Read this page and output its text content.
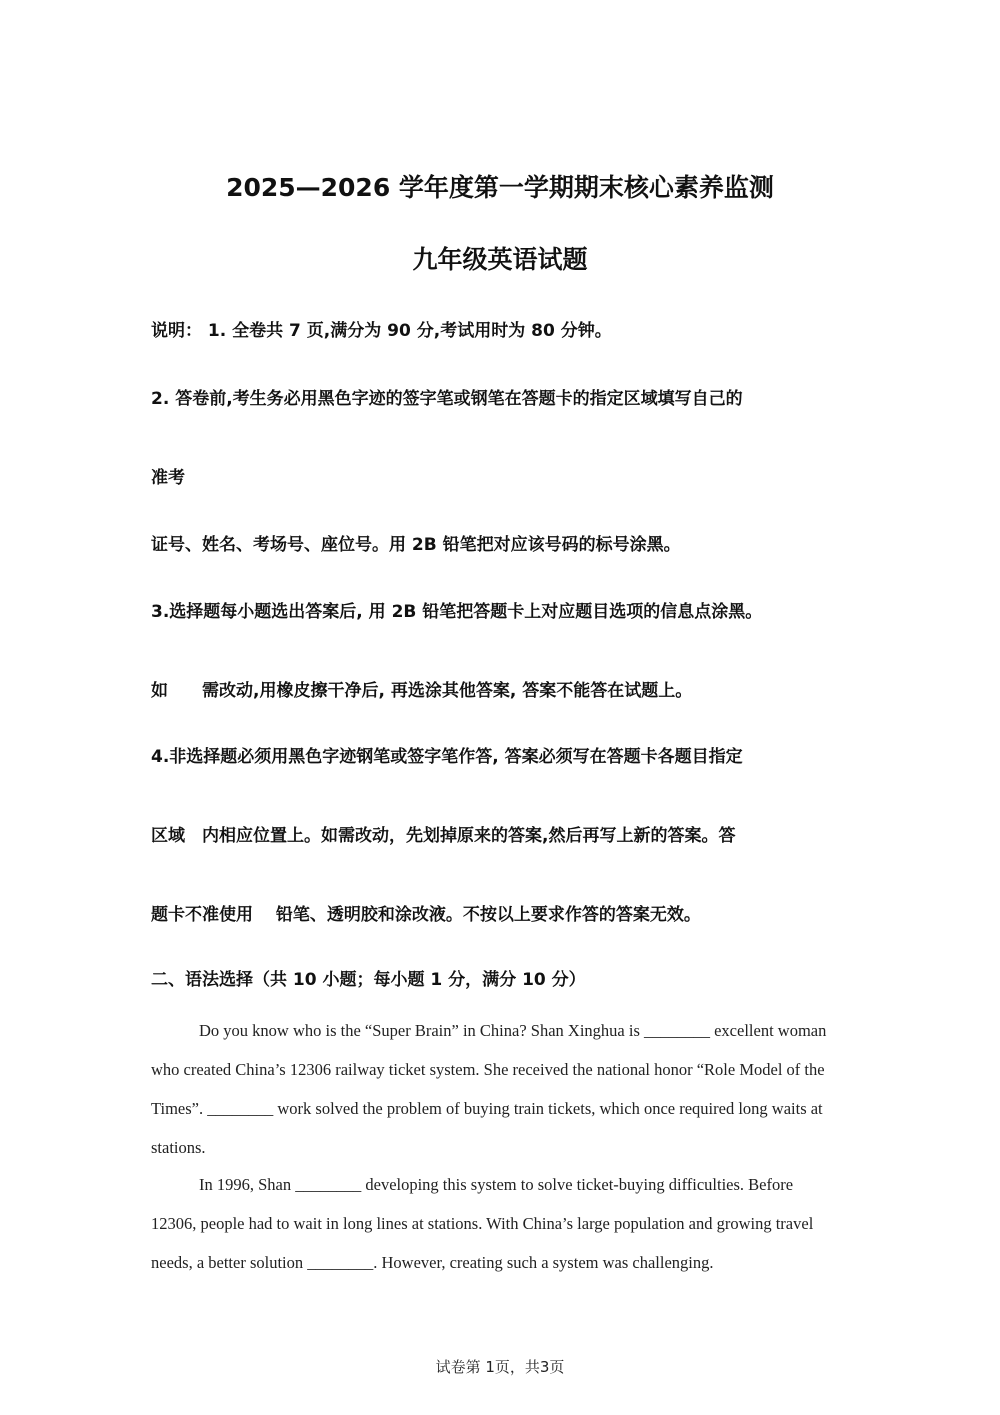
2025—2026 学年度第一学期期末核心素养监测
九年级英语试题
说明： 1. 全卷共 7 页,满分为 90 分,考试用时为 80 分钟。
2. 答卷前,考生务必用黑色字迹的签字笔或钢笔在答题卡的指定区域填写自己的
准考
证号、姓名、考场号、座位号。用 2B 铅笔把对应该号码的标号涂黑。
3.选择题每小题选出答案后, 用 2B 铅笔把答题卡上对应题目选项的信息点涂黑。
如　　需改动,用橡皮擦干净后, 再选涂其他答案, 答案不能答在试题上。
4.非选择题必须用黑色字迹钢笔或签字笔作答, 答案必须写在答题卡各题目指定
区域　内相应位置上。如需改动，先划掉原来的答案,然后再写上新的答案。答
题卡不准使用　 铅笔、透明胶和涂改液。不按以上要求作答的答案无效。
二、语法选择（共 10 小题；每小题 1 分，满分 10 分）

Do you know who is the “Super Brain” in China? Shan Xinghua is ________ excellent woman who created China’s 12306 railway ticket system. She received the national honor “Role Model of the Times”. ________ work solved the problem of buying train tickets, which once required long waits at stations.

In 1996, Shan ________ developing this system to solve ticket-buying difficulties. Before 12306, people had to wait in long lines at stations. With China’s large population and growing travel needs, a better solution ________. However, creating such a system was challenging.

试卷第 1页，共3页
